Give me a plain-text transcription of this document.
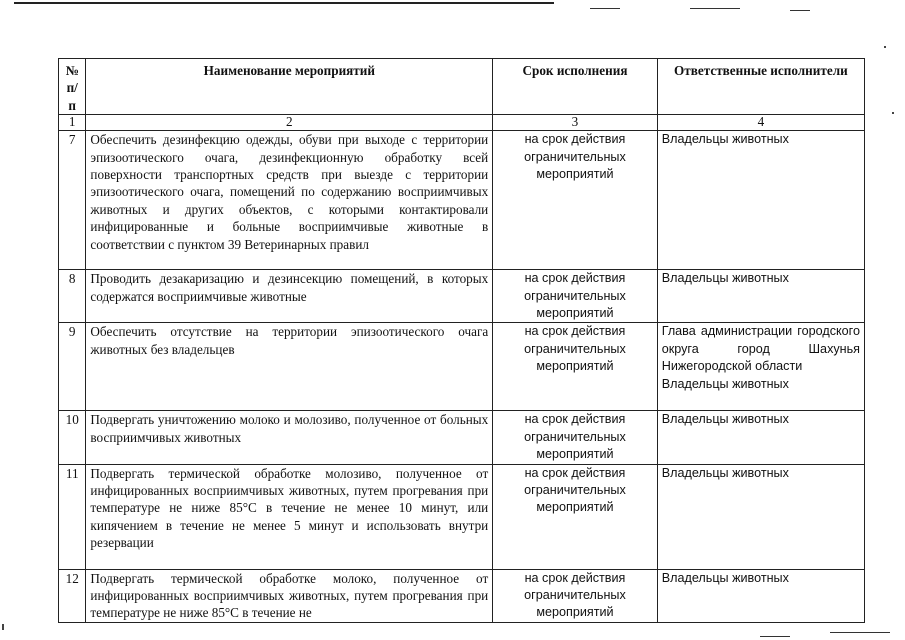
№ п/п	Наименование мероприятий	Срок исполнения	Ответственные исполнители
1	2	3	4
7	Обеспечить дезинфекцию одежды, обуви при выходе с территории эпизоотического очага, дезинфекционную обработку всей поверхности транспортных средств при выезде с территории эпизоотического очага, помещений по содержанию восприимчивых животных и других объектов, с которыми контактировали инфицированные и больные восприимчивые животные в соответствии с пунктом 39 Ветеринарных правил	на срок действия ограничительных мероприятий	Владельцы животных

8	Проводить дезакаризацию и дезинсекцию помещений, в которых содержатся восприимчивые животные	на срок действия ограничительных мероприятий	Владельцы животных

9	Обеспечить отсутствие на территории эпизоотического очага животных без владельцев	на срок действия ограничительных мероприятий	Глава администрации городского округа город Шахунья Нижегородской области
Владельцы животных

10	Подвергать уничтожению молоко и молозиво, полученное от больных восприимчивых животных	на срок действия ограничительных мероприятий	Владельцы животных

11	Подвергать термической обработке молозиво, полученное от инфицированных восприимчивых животных, путем прогревания при температуре не ниже 85°С в течение не менее 10 минут, или кипячением в течение не менее 5 минут и использовать внутри резервации	на срок действия ограничительных мероприятий	Владельцы животных

12	Подвергать термической обработке молоко, полученное от инфицированных восприимчивых животных, путем прогревания при температуре не ниже 85°С в течение не	на срок действия ограничительных мероприятий	Владельцы животных
